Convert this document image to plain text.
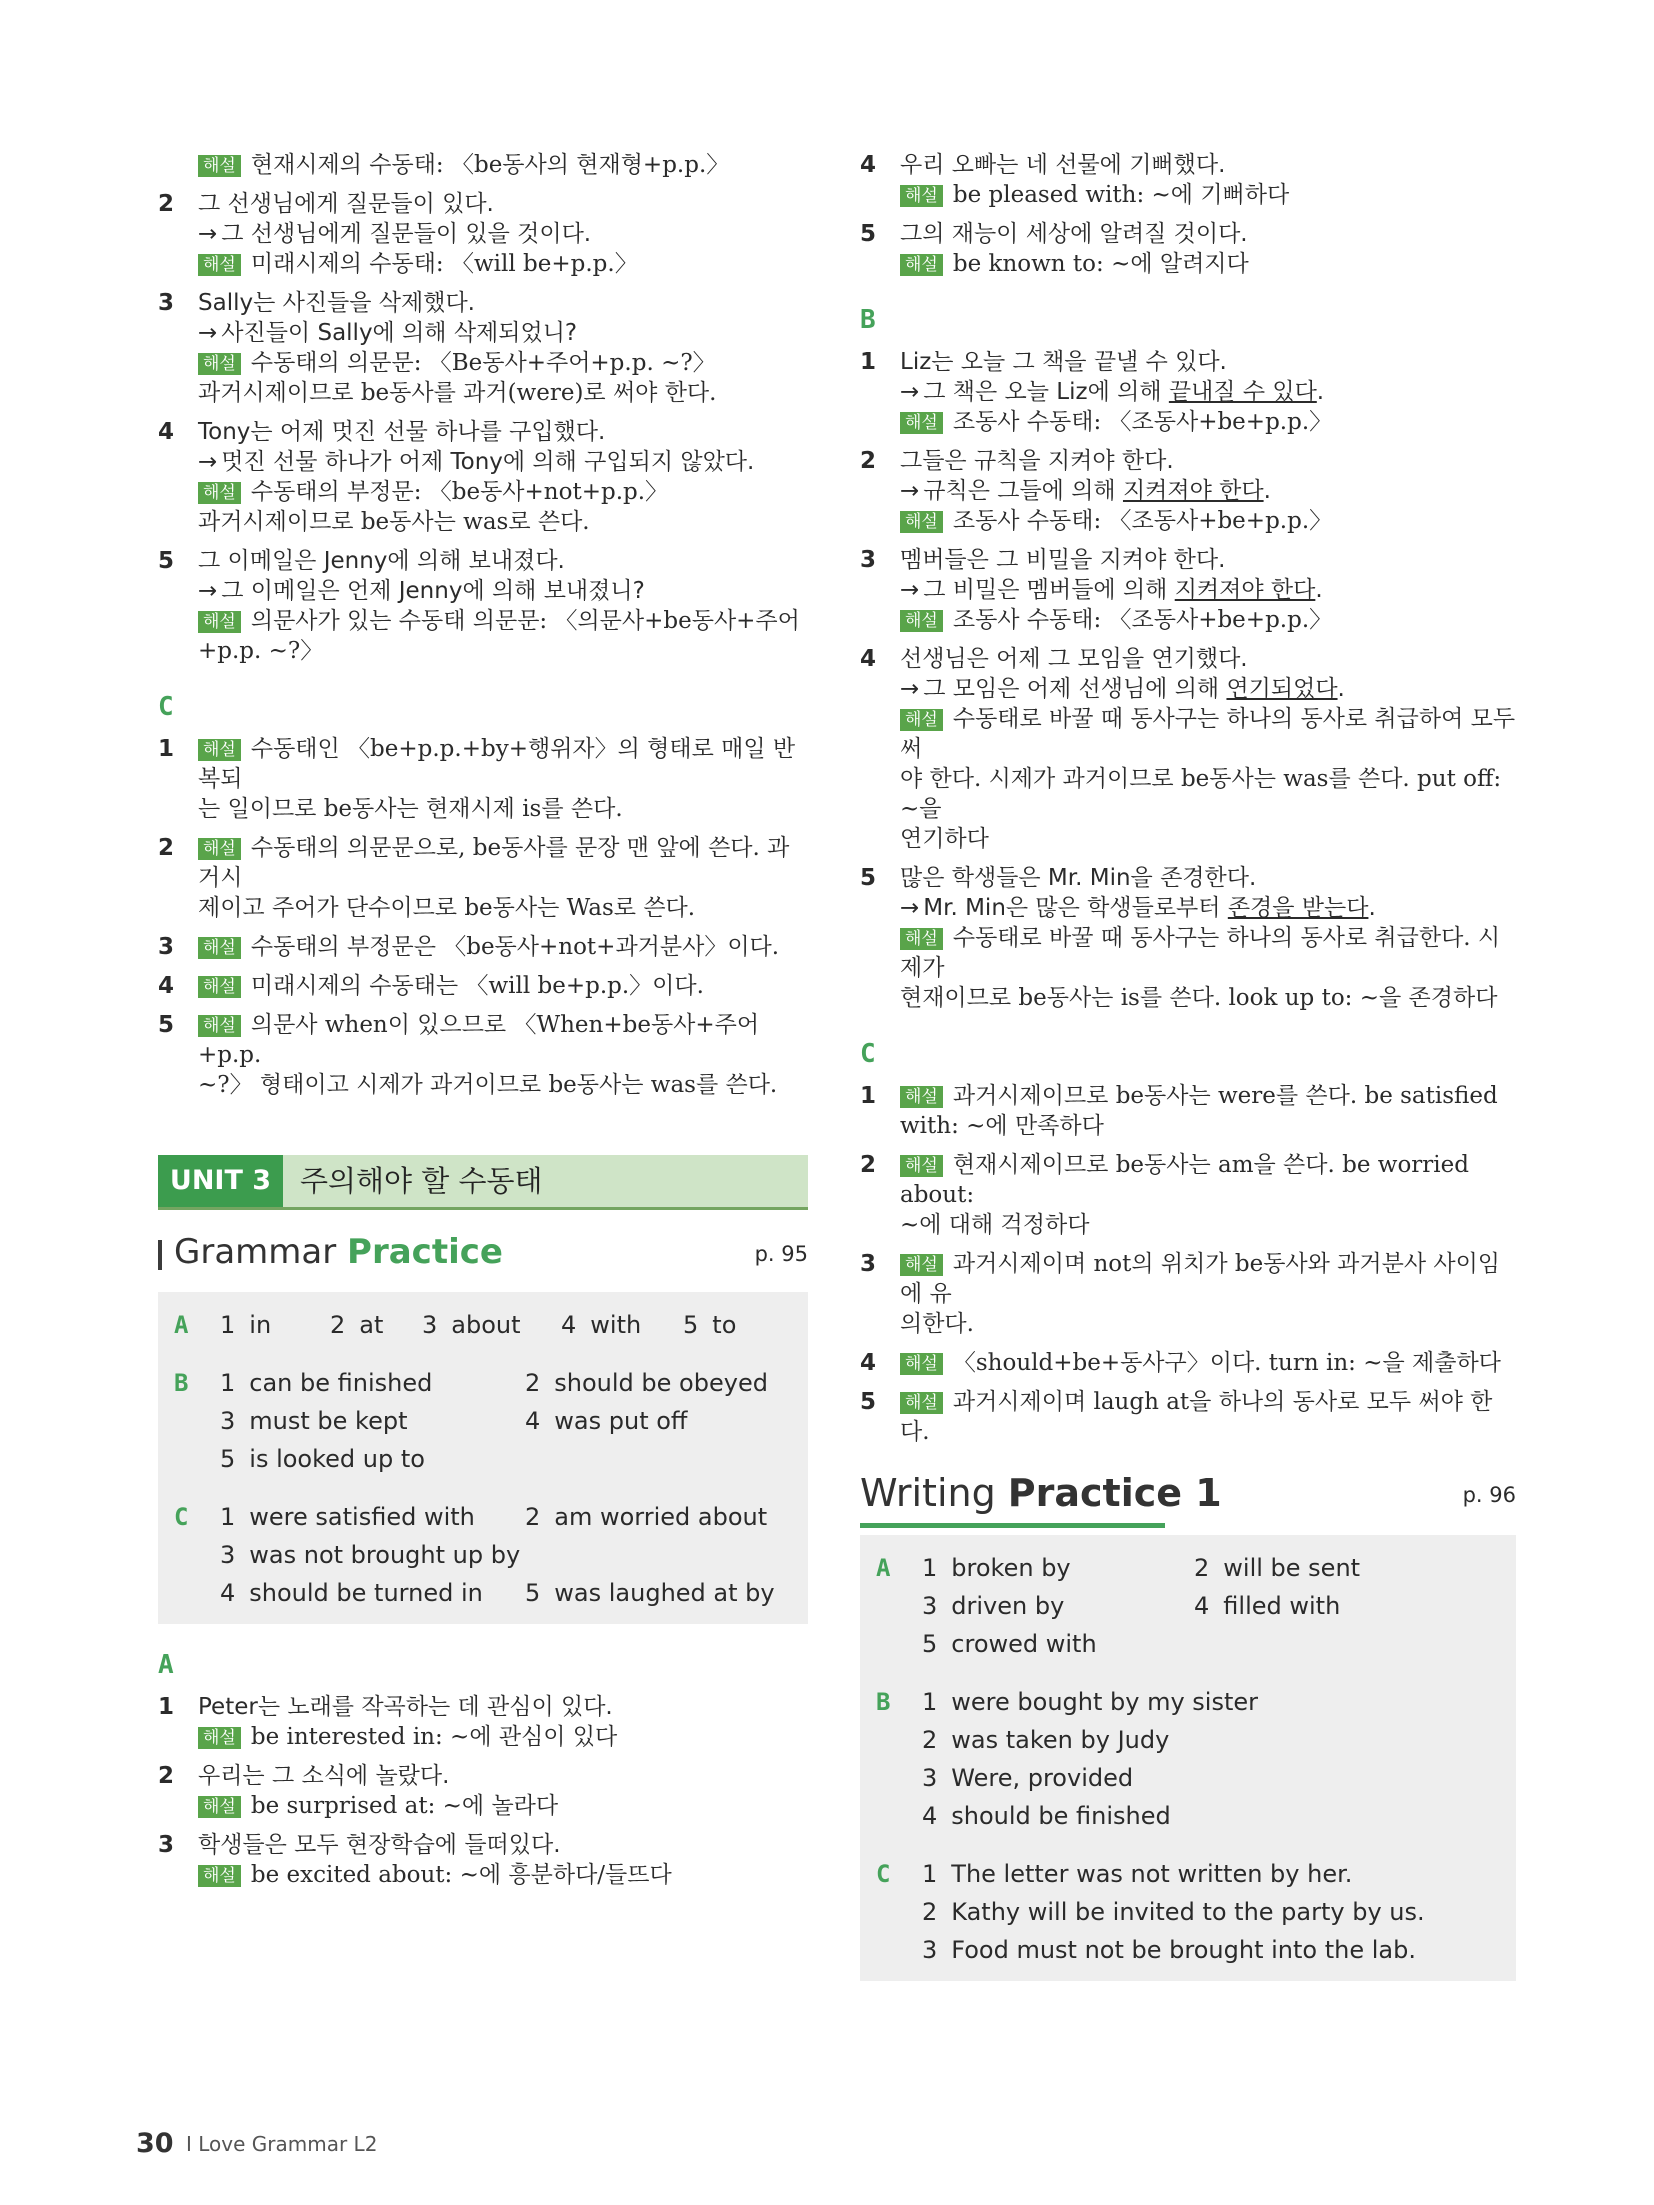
해설 현재시제의 수동태: 〈be동사의 현재형+p.p.〉
2	그 선생님에게 질문들이 있다.
→ 그 선생님에게 질문들이 있을 것이다.
해설 미래시제의 수동태: 〈will be+p.p.〉
3	Sally는 사진들을 삭제했다.
→ 사진들이 Sally에 의해 삭제되었니?
해설 수동태의 의문문: 〈Be동사+주어+p.p. ~?〉
과거시제이므로 be동사를 과거(were)로 써야 한다.
4	Tony는 어제 멋진 선물 하나를 구입했다.
→ 멋진 선물 하나가 어제 Tony에 의해 구입되지 않았다.
해설 수동태의 부정문: 〈be동사+not+p.p.〉
과거시제이므로 be동사는 was로 쓴다.
5	그 이메일은 Jenny에 의해 보내졌다.
→ 그 이메일은 언제 Jenny에 의해 보내졌니?
해설 의문사가 있는 수동태 의문문: 〈의문사+be동사+주어
+p.p. ~?〉
C
1	해설 수동태인 〈be+p.p.+by+행위자〉의 형태로 매일 반복되
는 일이므로 be동사는 현재시제 is를 쓴다.
2	해설 수동태의 의문문으로, be동사를 문장 맨 앞에 쓴다. 과거시
제이고 주어가 단수이므로 be동사는 Was로 쓴다.
3	해설 수동태의 부정문은 〈be동사+not+과거분사〉이다.
4	해설 미래시제의 수동태는 〈will be+p.p.〉이다.
5	해설 의문사 when이 있으므로 〈When+be동사+주어+p.p.
~?〉 형태이고 시제가 과거이므로 be동사는 was를 쓴다.
UNIT 3 주의해야 할 수동태
Grammar Practice	p. 95
A 1 in 2 at 3 about 4 with 5 to
B 1 can be finished	2 should be obeyed
3 must be kept	4 was put off
5 is looked up to
C 1 were satisfied with 2 am worried about
3 was not brought up by
4 should be turned in 5 was laughed at by
A
1	Peter는 노래를 작곡하는 데 관심이 있다.
해설 be interested in: ~에 관심이 있다
2	우리는 그 소식에 놀랐다.
해설 be surprised at: ~에 놀라다
3	학생들은 모두 현장학습에 들떠있다.
해설 be excited about: ~에 흥분하다/들뜨다
4	우리 오빠는 네 선물에 기뻐했다.
해설 be pleased with: ~에 기뻐하다
5	그의 재능이 세상에 알려질 것이다.
해설 be known to: ~에 알려지다
B
1	Liz는 오늘 그 책을 끝낼 수 있다.
→ 그 책은 오늘 Liz에 의해 끝내질 수 있다.
해설 조동사 수동태: 〈조동사+be+p.p.〉
2	그들은 규칙을 지켜야 한다.
→ 규칙은 그들에 의해 지켜져야 한다.
해설 조동사 수동태: 〈조동사+be+p.p.〉
3	멤버들은 그 비밀을 지켜야 한다.
→ 그 비밀은 멤버들에 의해 지켜져야 한다.
해설 조동사 수동태: 〈조동사+be+p.p.〉
4	선생님은 어제 그 모임을 연기했다.
→ 그 모임은 어제 선생님에 의해 연기되었다.
해설 수동태로 바꿀 때 동사구는 하나의 동사로 취급하여 모두 써
야 한다. 시제가 과거이므로 be동사는 was를 쓴다. put off: ~을
연기하다
5	많은 학생들은 Mr. Min을 존경한다.
→ Mr. Min은 많은 학생들로부터 존경을 받는다.
해설 수동태로 바꿀 때 동사구는 하나의 동사로 취급한다. 시제가
현재이므로 be동사는 is를 쓴다. look up to: ~을 존경하다
C
1	해설 과거시제이므로 be동사는 were를 쓴다. be satisfied
with: ~에 만족하다
2	해설 현재시제이므로 be동사는 am을 쓴다. be worried about:
~에 대해 걱정하다
3	해설 과거시제이며 not의 위치가 be동사와 과거분사 사이임에 유
의한다.
4	해설 〈should+be+동사구〉이다. turn in: ~을 제출하다
5	해설 과거시제이며 laugh at을 하나의 동사로 모두 써야 한다.
Writing Practice 1	p. 96
A 1 broken by	2 will be sent
3 driven by	4 filled with
5 crowed with
B 1 were bought by my sister
2 was taken by Judy
3 Were, provided
4 should be finished
C 1 The letter was not written by her.
2 Kathy will be invited to the party by us.
3 Food must not be brought into the lab.
30 I Love Grammar L2
